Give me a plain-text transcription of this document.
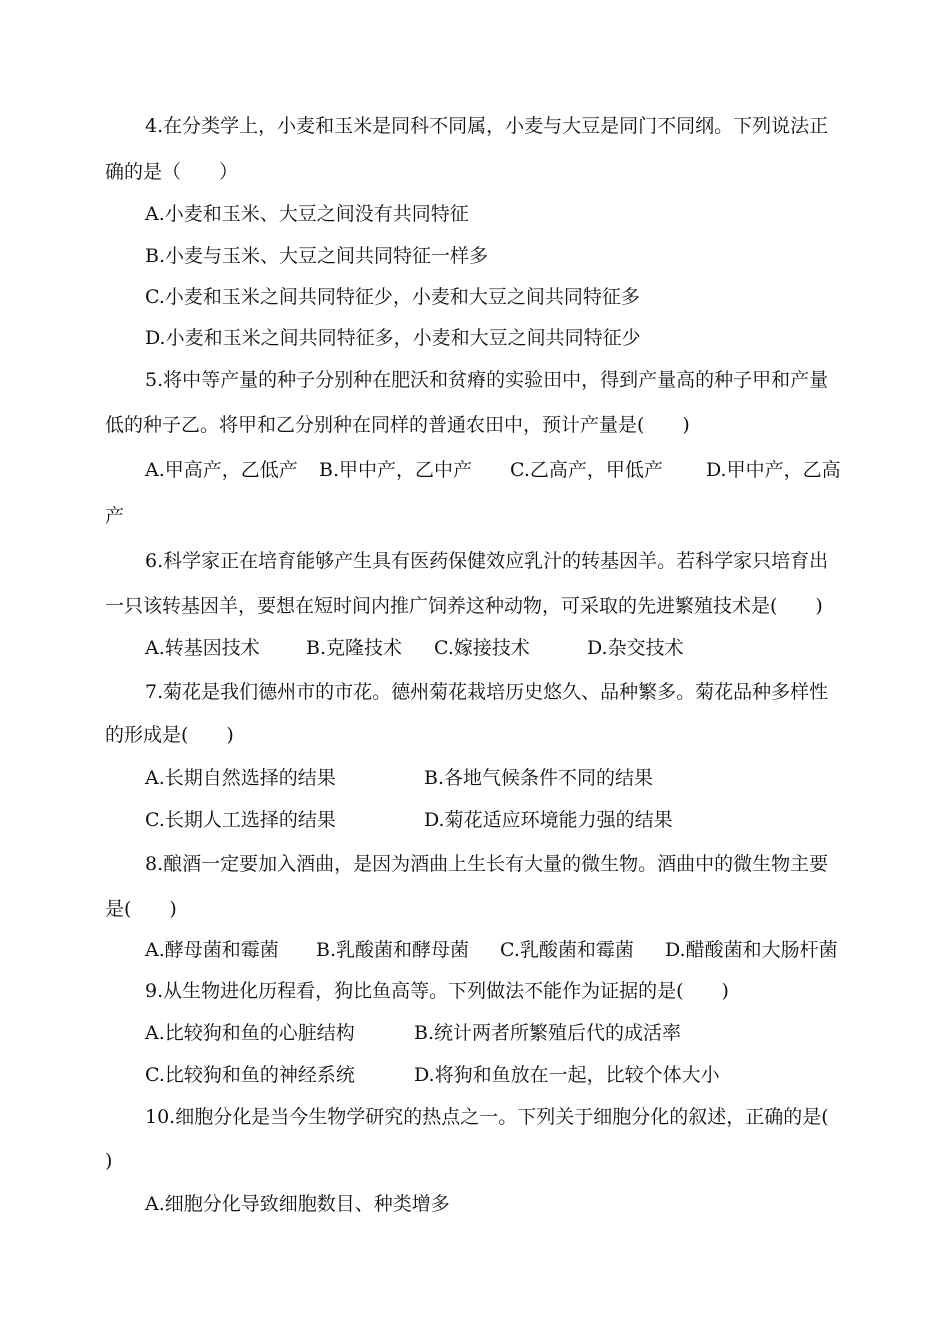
4.在分类学上，小麦和玉米是同科不同属，小麦与大豆是同门不同纲。下列说法正
确的是（　　）
A.小麦和玉米、大豆之间没有共同特征
B.小麦与玉米、大豆之间共同特征一样多
C.小麦和玉米之间共同特征少，小麦和大豆之间共同特征多
D.小麦和玉米之间共同特征多，小麦和大豆之间共同特征少
5.将中等产量的种子分别种在肥沃和贫瘠的实验田中，得到产量高的种子甲和产量
低的种子乙。将甲和乙分别种在同样的普通农田中，预计产量是(　　)
A.甲高产，乙低产 B.甲中产，乙中产 C.乙高产，甲低产 D.甲中产，乙高
产
6.科学家正在培育能够产生具有医药保健效应乳汁的转基因羊。若科学家只培育出
一只该转基因羊，要想在短时间内推广饲养这种动物，可采取的先进繁殖技术是(　　)
A.转基因技术 B.克隆技术 C.嫁接技术	D.杂交技术
7.菊花是我们德州市的市花。德州菊花栽培历史悠久、品种繁多。菊花品种多样性
的形成是(　　)
A.长期自然选择的结果	B.各地气候条件不同的结果
C.长期人工选择的结果	D.菊花适应环境能力强的结果
8.酿酒一定要加入酒曲，是因为酒曲上生长有大量的微生物。酒曲中的微生物主要
是(　　)
A.酵母菌和霉菌 B.乳酸菌和酵母菌 C.乳酸菌和霉菌 D.醋酸菌和大肠杆菌
9.从生物进化历程看，狗比鱼高等。下列做法不能作为证据的是(　　)
A.比较狗和鱼的心脏结构	B.统计两者所繁殖后代的成活率
C.比较狗和鱼的神经系统	D.将狗和鱼放在一起，比较个体大小
10.细胞分化是当今生物学研究的热点之一。下列关于细胞分化的叙述，正确的是(
)
A.细胞分化导致细胞数目、种类增多
